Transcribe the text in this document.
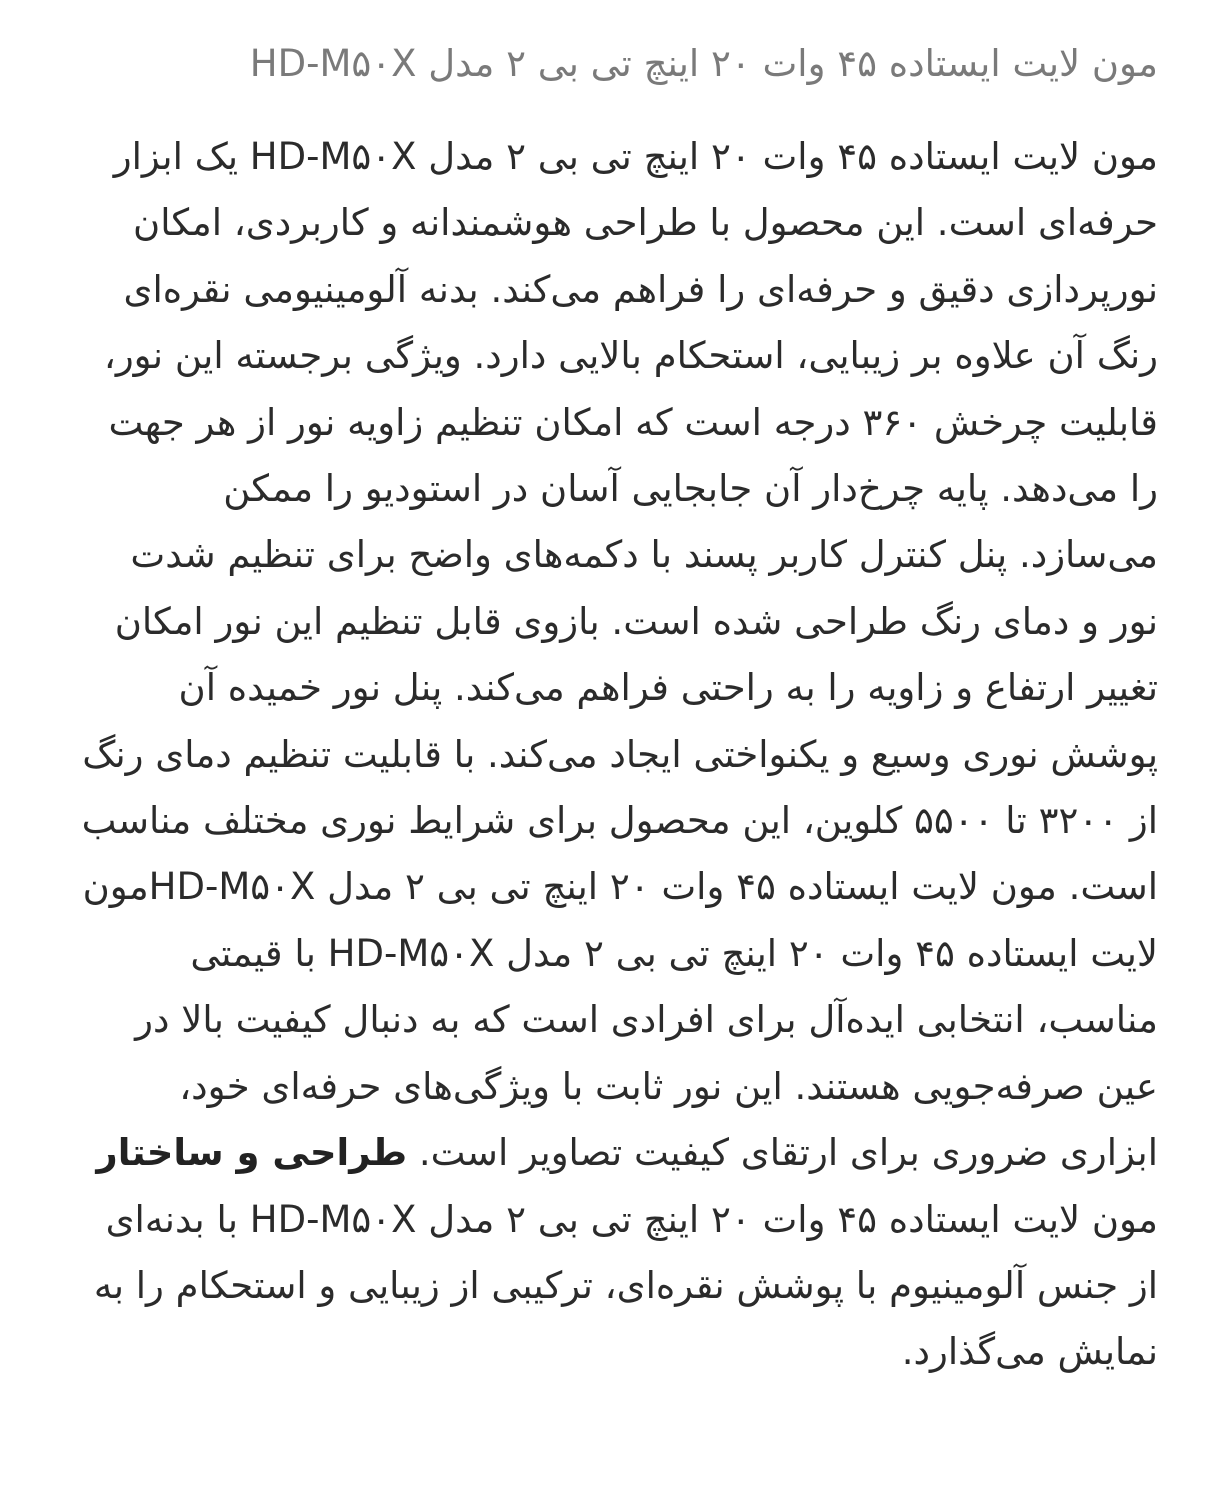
مون لایت ایستاده ۴۵ وات ۲۰ اینچ تی بی ۲ مدل HD-M۵۰X

مون لایت ایستاده ۴۵ وات ۲۰ اینچ تی بی ۲ مدل HD-M۵۰X یک ابزار حرفه‌ای است. این محصول با طراحی هوشمندانه و کاربردی، امکان نورپردازی دقیق و حرفه‌ای را فراهم می‌کند. بدنه آلومینیومی نقره‌ای رنگ آن علاوه بر زیبایی، استحکام بالایی دارد. ویژگی برجسته این نور، قابلیت چرخش ۳۶۰ درجه است که امکان تنظیم زاویه نور از هر جهت را می‌دهد. پایه چرخ‌دار آن جابجایی آسان در استودیو را ممکن می‌سازد. پنل کنترل کاربر پسند با دکمه‌های واضح برای تنظیم شدت نور و دمای رنگ طراحی شده است. بازوی قابل تنظیم این نور امکان تغییر ارتفاع و زاویه را به راحتی فراهم می‌کند. پنل نور خمیده آن پوشش نوری وسیع و یکنواختی ایجاد می‌کند. با قابلیت تنظیم دمای رنگ از ۳۲۰۰ تا ۵۵۰۰ کلوین، این محصول برای شرایط نوری مختلف مناسب است. مون لایت ایستاده ۴۵ وات ۲۰ اینچ تی بی ۲ مدل HD-M۵۰Xمون لایت ایستاده ۴۵ وات ۲۰ اینچ تی بی ۲ مدل HD-M۵۰X با قیمتی مناسب، انتخابی ایده‌آل برای افرادی است که به دنبال کیفیت بالا در عین صرفه‌جویی هستند. این نور ثابت با ویژگی‌های حرفه‌ای خود، ابزاری ضروری برای ارتقای کیفیت تصاویر است. طراحی و ساختار مون لایت ایستاده ۴۵ وات ۲۰ اینچ تی بی ۲ مدل HD-M۵۰X با بدنه‌ای از جنس آلومینیوم با پوشش نقره‌ای، ترکیبی از زیبایی و استحکام را به نمایش می‌گذارد.
